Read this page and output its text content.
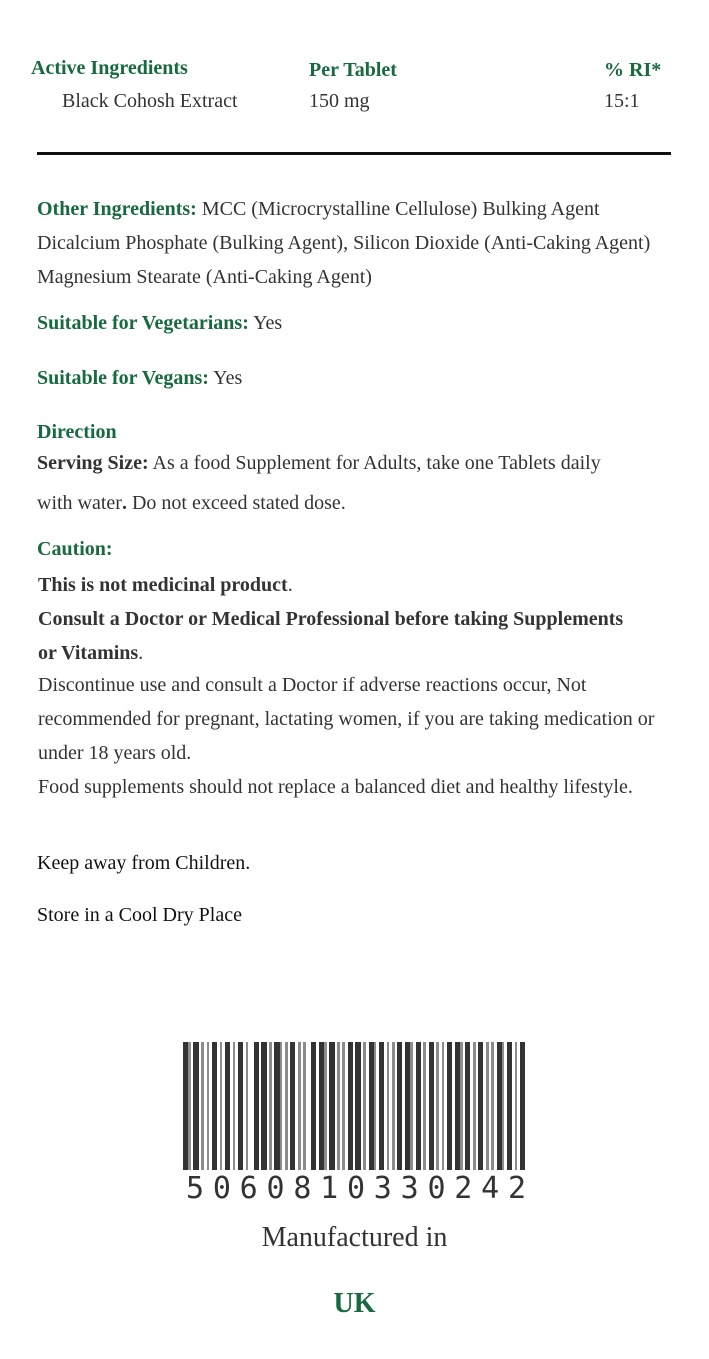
Active Ingredients	Per Tablet	% RI*
Black Cohosh Extract	150 mg	15:1
Other Ingredients: MCC (Microcrystalline Cellulose) Bulking Agent
Dicalcium Phosphate (Bulking Agent), Silicon Dioxide (Anti-Caking Agent)
Magnesium Stearate (Anti-Caking Agent)
Suitable for Vegetarians: Yes
Suitable for Vegans: Yes
Direction
Serving Size: As a food Supplement for Adults, take one Tablets daily
with water. Do not exceed stated dose.
Caution:
This is not medicinal product.
Consult a Doctor or Medical Professional before taking Supplements
or Vitamins.
Discontinue use and consult a Doctor if adverse reactions occur, Not
recommended for pregnant, lactating women, if you are taking medication or
under 18 years old.
Food supplements should not replace a balanced diet and healthy lifestyle.
Keep away from Children.
Store in a Cool Dry Place
5 0 6 0 8 1 0 3 3 0 2 4 2
Manufactured in
UK
